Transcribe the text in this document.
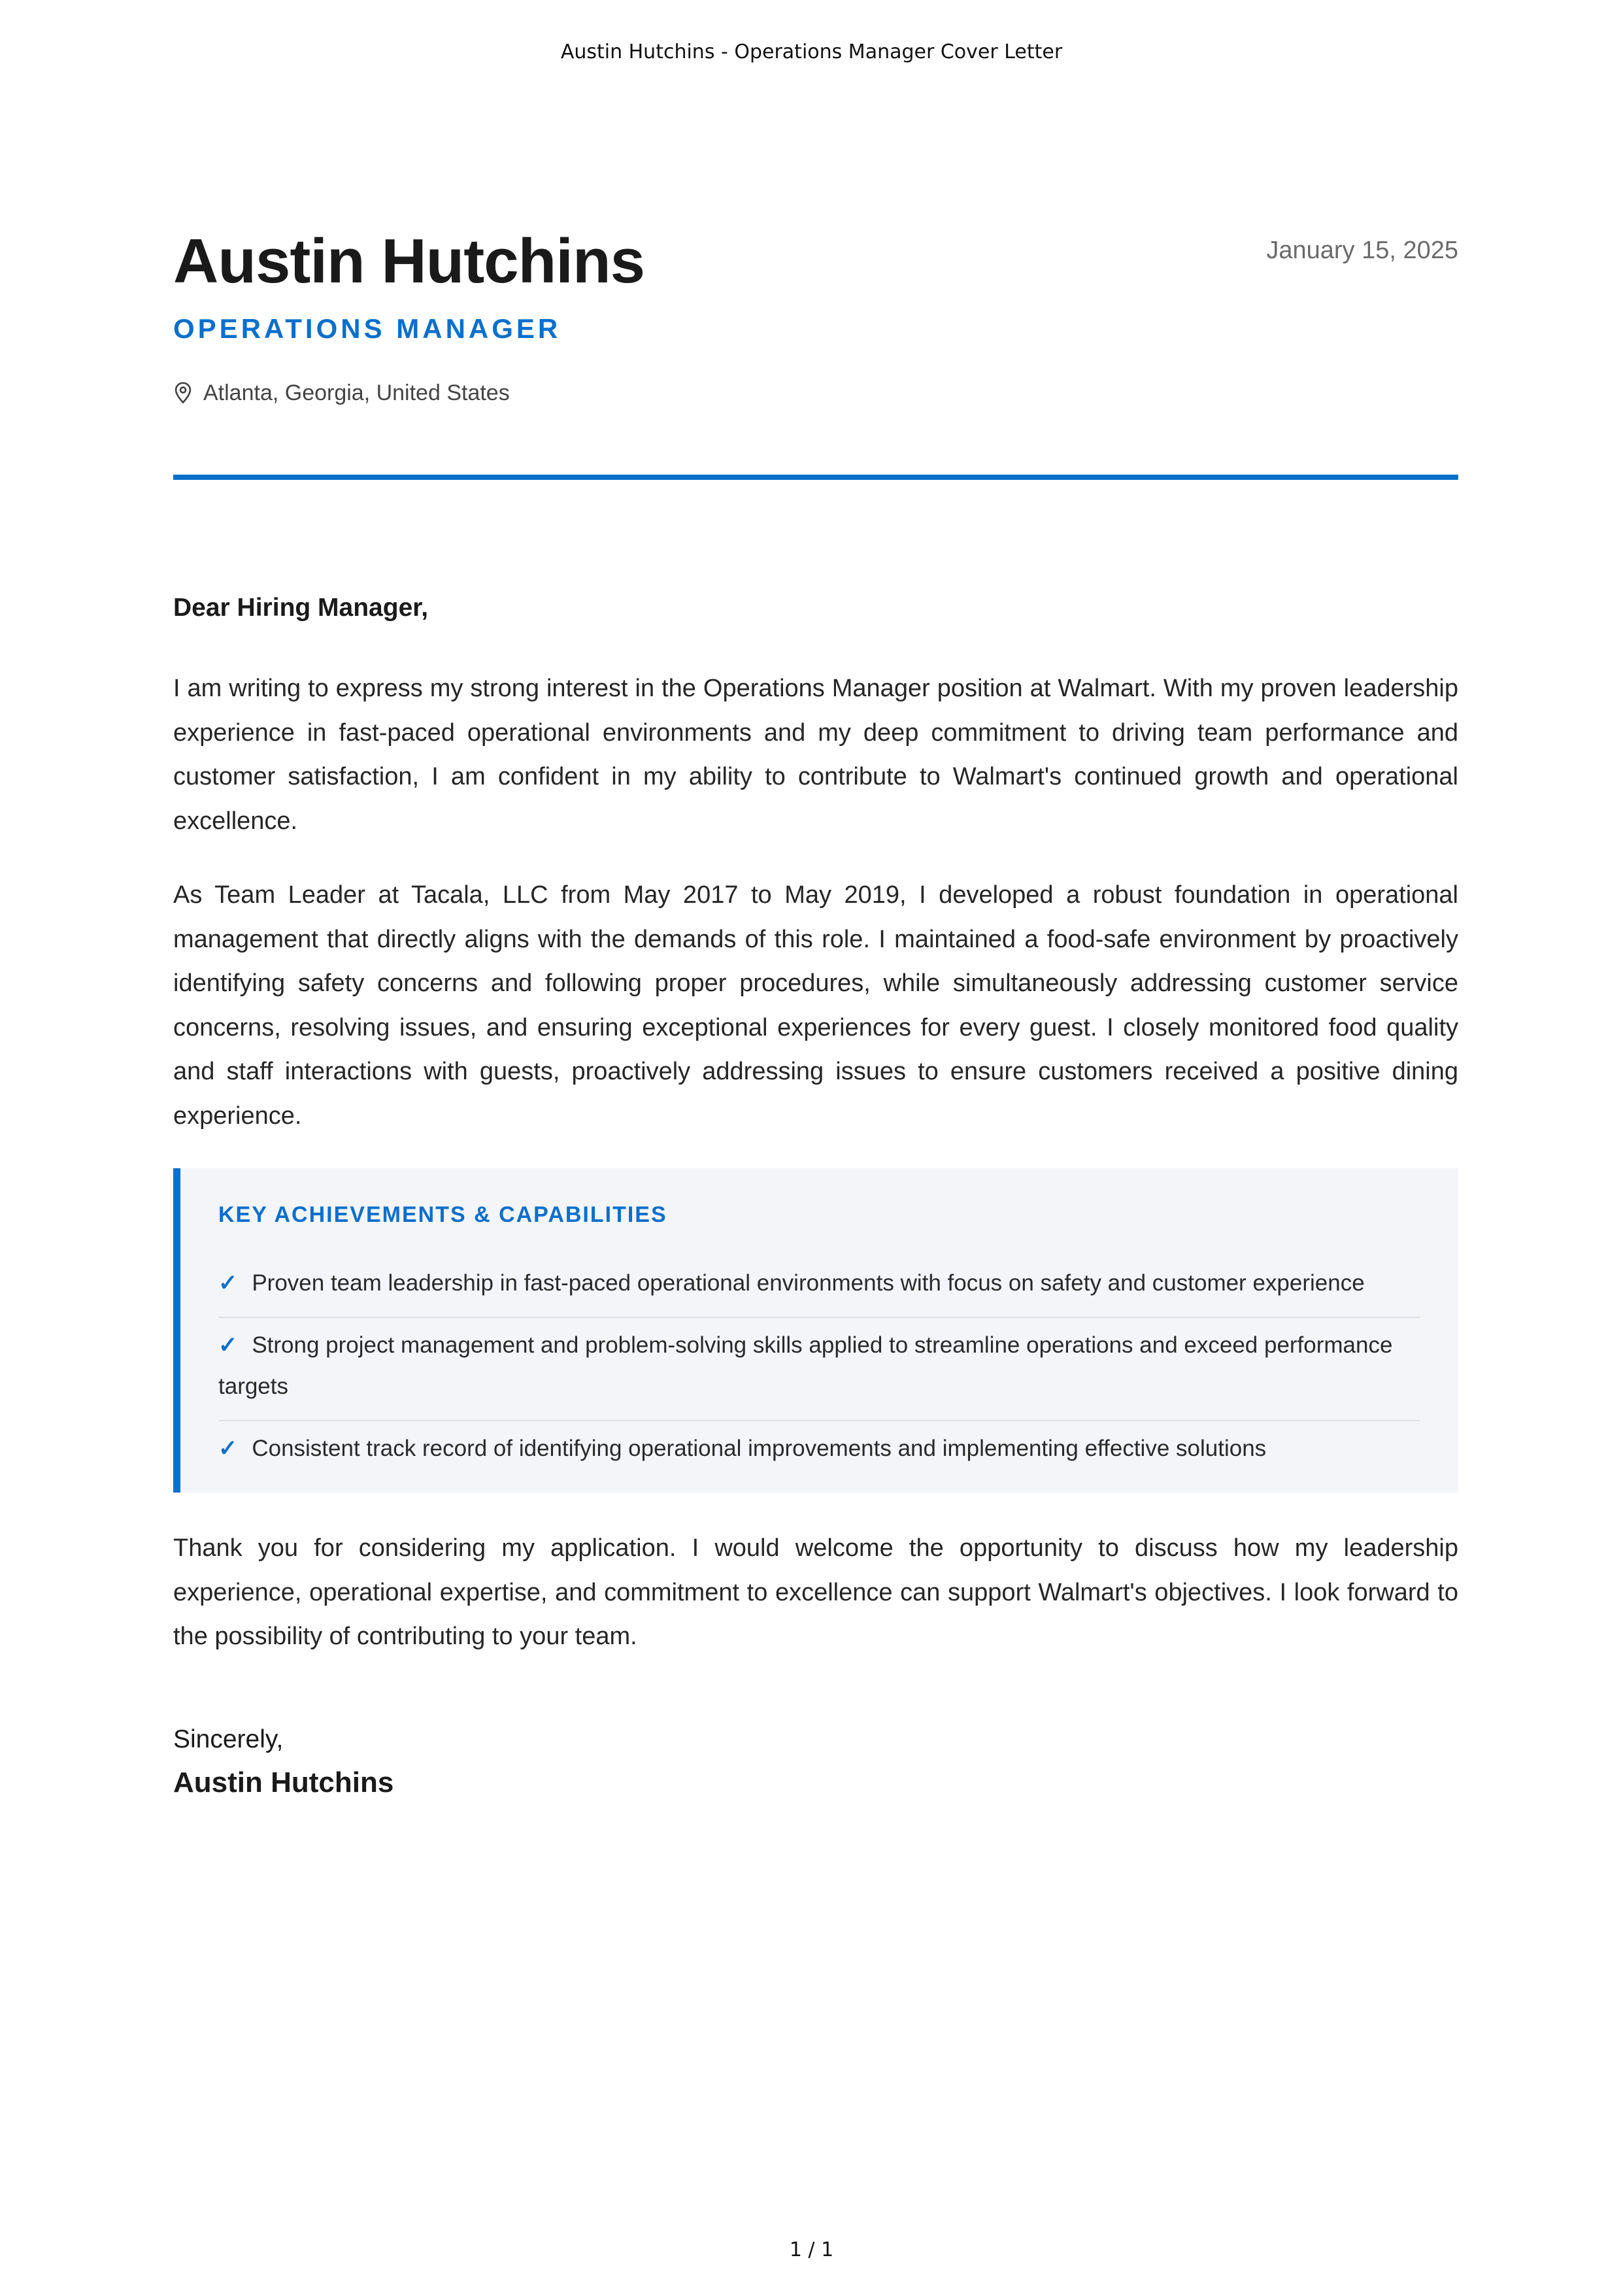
Austin Hutchins - Operations Manager Cover Letter
Austin Hutchins	January 15, 2025
OPERATIONS MANAGER
Atlanta, Georgia, United States

Dear Hiring Manager,

I am writing to express my strong interest in the Operations Manager position at Walmart. With my proven leadership experience in fast-paced operational environments and my deep commitment to driving team performance and customer satisfaction, I am confident in my ability to contribute to Walmart's continued growth and operational excellence.

As Team Leader at Tacala, LLC from May 2017 to May 2019, I developed a robust foundation in operational management that directly aligns with the demands of this role. I maintained a food-safe environment by proactively identifying safety concerns and following proper procedures, while simultaneously addressing customer service concerns, resolving issues, and ensuring exceptional experiences for every guest. I closely monitored food quality and staff interactions with guests, proactively addressing issues to ensure customers received a positive dining experience.

KEY ACHIEVEMENTS & CAPABILITIES
✓ Proven team leadership in fast-paced operational environments with focus on safety and customer experience
✓ Strong project management and problem-solving skills applied to streamline operations and exceed performance targets
✓ Consistent track record of identifying operational improvements and implementing effective solutions

Thank you for considering my application. I would welcome the opportunity to discuss how my leadership experience, operational expertise, and commitment to excellence can support Walmart's objectives. I look forward to the possibility of contributing to your team.

Sincerely,
Austin Hutchins
1 / 1
